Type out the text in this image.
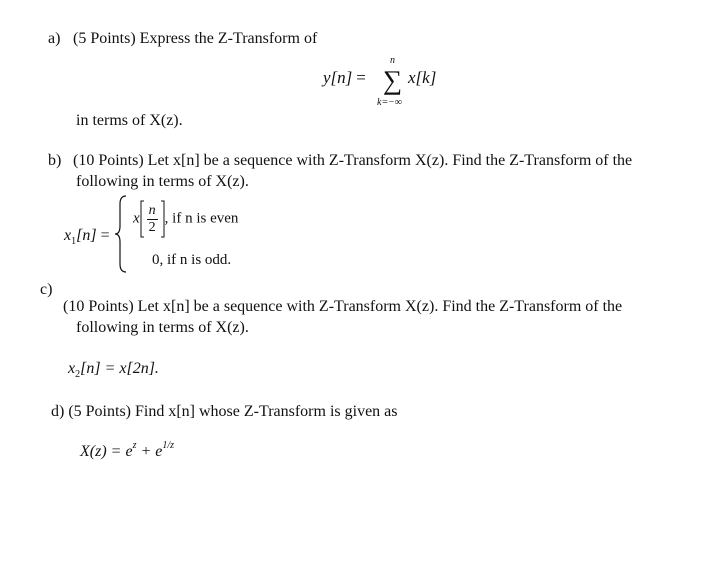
a) (5 Points) Express the Z-Transform of
y[n] =
n
∑
k=−∞
x[k]
in terms of X(z).
b) (10 Points) Let x[n] be a sequence with Z-Transform X(z). Find the Z-Transform of the
following in terms of X(z).
$x_1[n]$ =
x $\frac{n}{2}$ , if n is even
0, if n is odd.
c)
(10 Points) Let x[n] be a sequence with Z-Transform X(z). Find the Z-Transform of the
following in terms of X(z).
$x_2[n] = x[2n]$.
d) (5 Points) Find x[n] whose Z-Transform is given as
$X(z) = e^z + e^{1/z}$
